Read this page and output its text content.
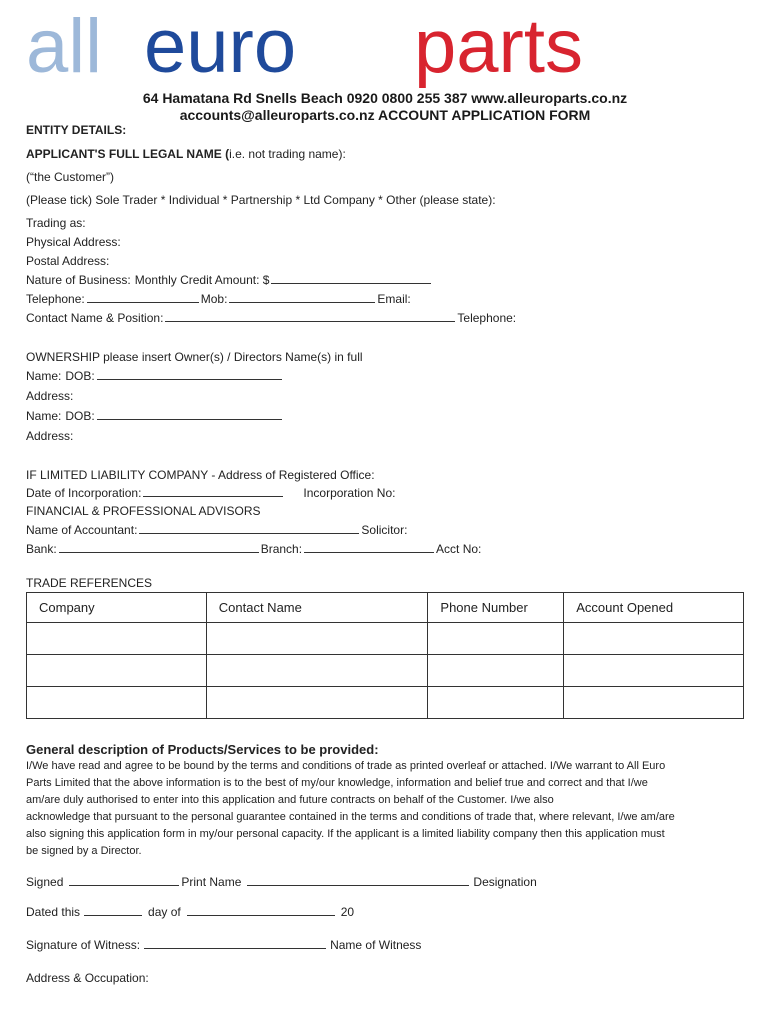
all euro parts
64 Hamatana Rd Snells Beach 0920 0800 255 387 www.alleuroparts.co.nz
accounts@alleuroparts.co.nz ACCOUNT APPLICATION FORM
ENTITY DETAILS:
APPLICANT'S FULL LEGAL NAME ( i.e. not trading name):
(“the Customer”)
(Please tick) Sole Trader * Individual * Partnership * Ltd Company * Other (please state):
Trading as:
Physical Address:
Postal Address:
Nature of Business: Monthly Credit Amount: $
Telephone:	Mob:	Email:
Contact Name & Position:	Telephone:
OWNERSHIP please insert Owner(s) / Directors Name(s) in full
Name: DOB:
Address:
Name: DOB:
Address:
IF LIMITED LIABILITY COMPANY - Address of Registered Office:
Date of Incorporation:	Incorporation No:
FINANCIAL & PROFESSIONAL ADVISORS
Name of Accountant:	Solicitor:
Bank:	Branch:	Acct No:
TRADE REFERENCES
Company	Contact Name	Phone Number	Account Opened

General description of Products/Services to be provided:
I/We have read and agree to be bound by the terms and conditions of trade as printed overleaf or attached. I/We warrant to All Euro
Parts Limited that the above information is to the best of my/our knowledge, information and belief true and correct and that I/we
am/are duly authorised to enter into this application and future contracts on behalf of the Customer. I/we also
acknowledge that pursuant to the personal guarantee contained in the terms and conditions of trade that, where relevant, I/we am/are
also signing this application form in my/our personal capacity. If the applicant is a limited liability company then this application must
be signed by a Director.
Signed	Print Name	Designation
Dated this	day of	20
Signature of Witness:	Name of Witness
Address & Occupation:
